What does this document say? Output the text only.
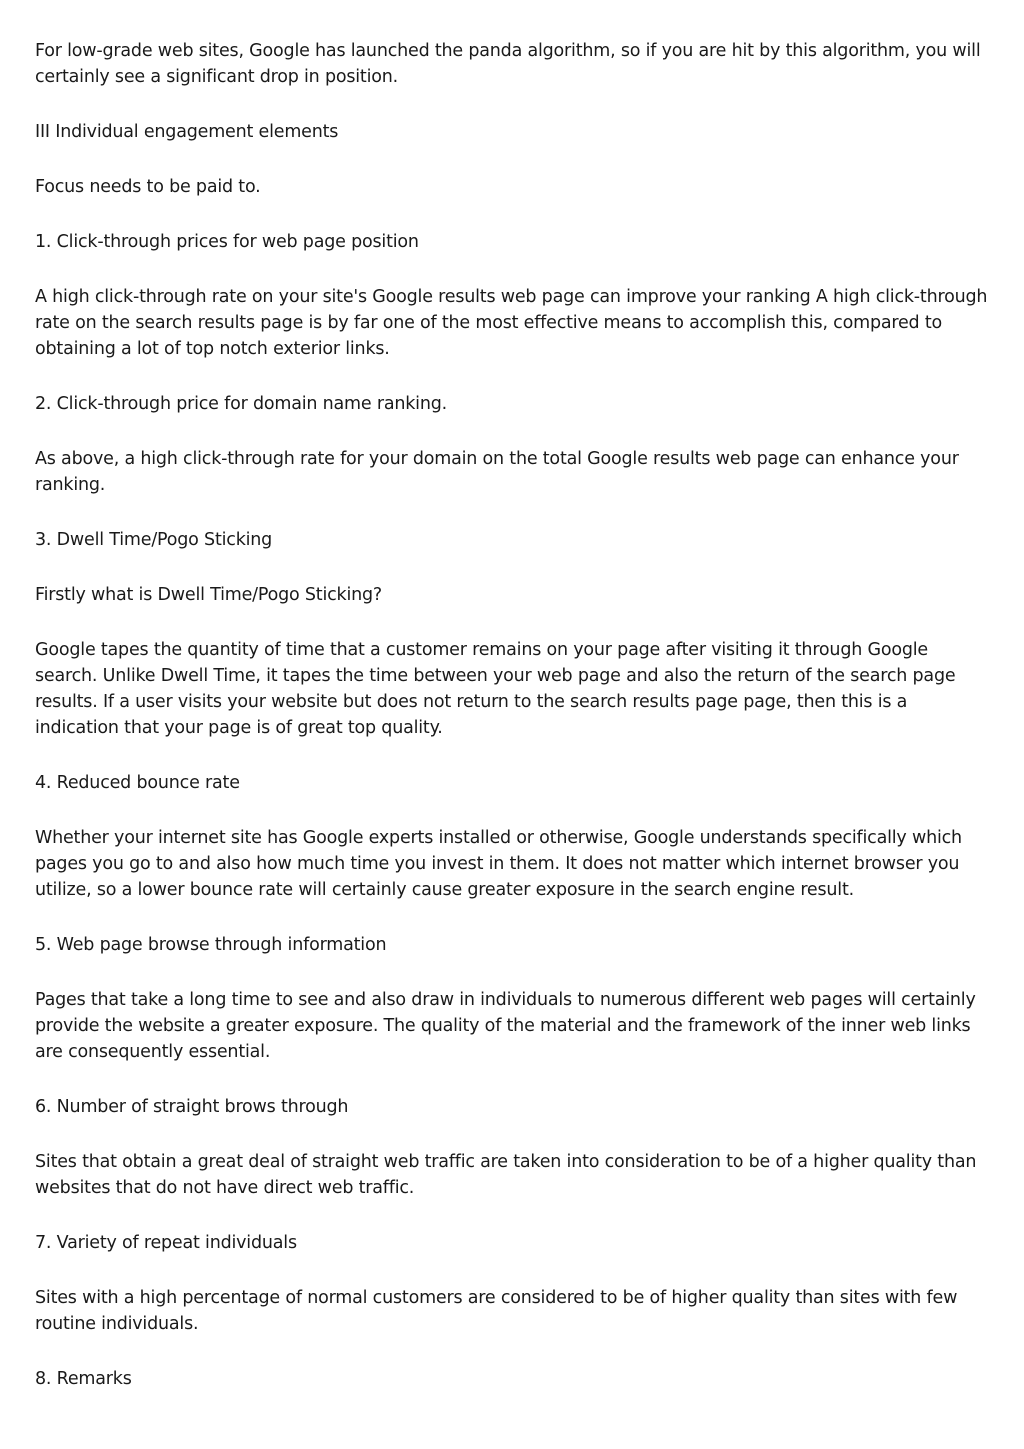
For low-grade web sites, Google has launched the panda algorithm, so if you are hit by this algorithm, you will certainly see a significant drop in position.

III Individual engagement elements

Focus needs to be paid to.

1. Click-through prices for web page position

A high click-through rate on your site's Google results web page can improve your ranking A high click-through rate on the search results page is by far one of the most effective means to accomplish this, compared to obtaining a lot of top notch exterior links.

2. Click-through price for domain name ranking.

As above, a high click-through rate for your domain on the total Google results web page can enhance your ranking.

3. Dwell Time/Pogo Sticking

Firstly what is Dwell Time/Pogo Sticking?

Google tapes the quantity of time that a customer remains on your page after visiting it through Google search. Unlike Dwell Time, it tapes the time between your web page and also the return of the search page results. If a user visits your website but does not return to the search results page page, then this is a indication that your page is of great top quality.

4. Reduced bounce rate

Whether your internet site has Google experts installed or otherwise, Google understands specifically which pages you go to and also how much time you invest in them. It does not matter which internet browser you utilize, so a lower bounce rate will certainly cause greater exposure in the search engine result.

5. Web page browse through information

Pages that take a long time to see and also draw in individuals to numerous different web pages will certainly provide the website a greater exposure. The quality of the material and the framework of the inner web links are consequently essential.

6. Number of straight brows through

Sites that obtain a great deal of straight web traffic are taken into consideration to be of a higher quality than websites that do not have direct web traffic.

7. Variety of repeat individuals

Sites with a high percentage of normal customers are considered to be of higher quality than sites with few routine individuals.

8. Remarks
